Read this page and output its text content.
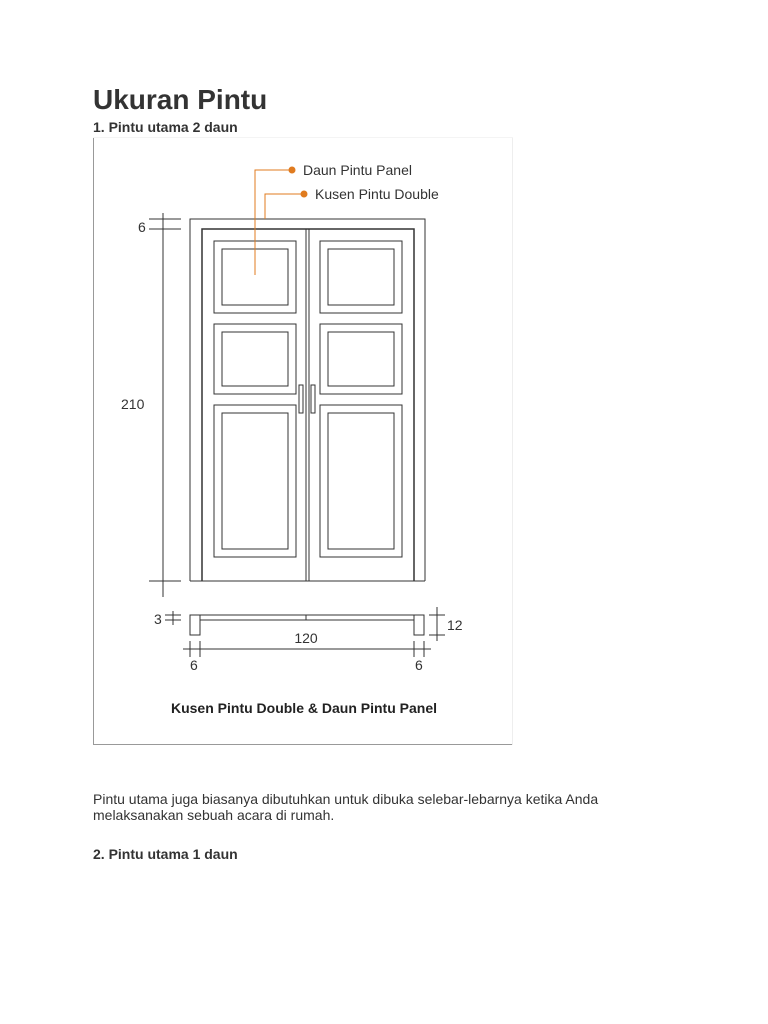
Ukuran Pintu
1. Pintu utama 2 daun
Daun Pintu Panel
Kusen Pintu Double
6
210
3	12
120
6	6
Kusen Pintu Double & Daun Pintu Panel

Pintu utama juga biasanya dibutuhkan untuk dibuka selebar-lebarnya ketika Anda melaksanakan sebuah acara di rumah.

2. Pintu utama 1 daun
